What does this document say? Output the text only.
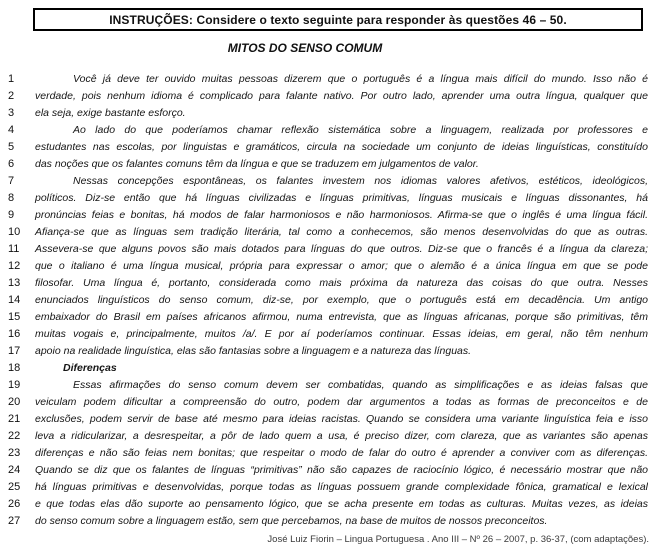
INSTRUÇÕES: Considere o texto seguinte para responder às questões 46 – 50.
MITOS DO SENSO COMUM
1	Você já deve ter ouvido muitas pessoas dizerem que o português é a língua mais difícil do mundo. Isso não é
2	verdade, pois nenhum idioma é complicado para falante nativo. Por outro lado, aprender uma outra língua, qualquer que
3	ela seja, exige bastante esforço.
4	Ao lado do que poderíamos chamar reflexão sistemática sobre a linguagem, realizada por professores e
5	estudantes nas escolas, por linguistas e gramáticos, circula na sociedade um conjunto de ideias linguísticas, constituído
6	das noções que os falantes comuns têm da língua e que se traduzem em julgamentos de valor.
7	Nessas concepções espontâneas, os falantes investem nos idiomas valores afetivos, estéticos, ideológicos,
8	políticos. Diz-se então que há línguas civilizadas e línguas primitivas, línguas musicais e línguas dissonantes, há
9	pronúncias feias e bonitas, há modos de falar harmoniosos e não harmoniosos. Afirma-se que o inglês é uma língua fácil.
10	Afiança-se que as línguas sem tradição literária, tal como a conhecemos, são menos desenvolvidas do que as outras.
11	Assevera-se que alguns povos são mais dotados para línguas do que outros. Diz-se que o francês é a língua da clareza;
12	que o italiano é uma língua musical, própria para expressar o amor; que o alemão é a única língua em que se pode
13	filosofar. Uma língua é, portanto, considerada como mais próxima da natureza das coisas do que outra. Nesses
14	enunciados linguísticos do senso comum, diz-se, por exemplo, que o português está em decadência. Um antigo
15	embaixador do Brasil em países africanos afirmou, numa entrevista, que as línguas africanas, porque são primitivas, têm
16	muitas vogais e, principalmente, muitos /a/. E por aí poderíamos continuar. Essas ideias, em geral, não têm nenhum
17	apoio na realidade linguística, elas são fantasias sobre a linguagem e a natureza das línguas.
18	Diferenças
19	Essas afirmações do senso comum devem ser combatidas, quando as simplificações e as ideias falsas que
20	veiculam podem dificultar a compreensão do outro, podem dar argumentos a todas as formas de preconceitos e de
21	exclusões, podem servir de base até mesmo para ideias racistas. Quando se considera uma variante linguística feia e isso
22	leva a ridicularizar, a desrespeitar, a pôr de lado quem a usa, é preciso dizer, com clareza, que as variantes são apenas
23	diferenças e não são feias nem bonitas; que respeitar o modo de falar do outro é aprender a conviver com as diferenças.
24	Quando se diz que os falantes de línguas “primitivas” não são capazes de raciocínio lógico, é necessário mostrar que não
25	há línguas primitivas e desenvolvidas, porque todas as línguas possuem grande complexidade fônica, gramatical e lexical
26	e que todas elas dão suporte ao pensamento lógico, que se acha presente em todas as culturas. Muitas vezes, as ideias
27	do senso comum sobre a linguagem estão, sem que percebamos, na base de muitos de nossos preconceitos.
José Luiz Fiorin – Lingua Portuguesa . Ano III – Nº 26 – 2007, p. 36-37, (com adaptações).
